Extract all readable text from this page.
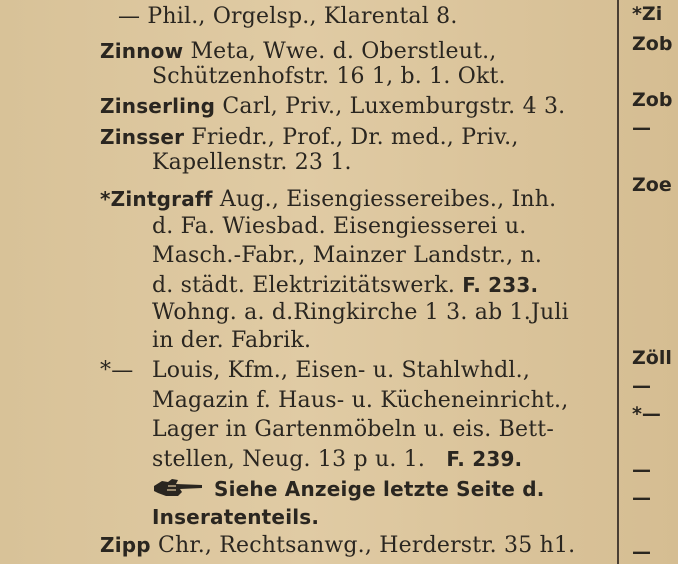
— Phil., Orgelsp., Klarental 8.
Zinnow Meta, Wwe. d. Oberstleut.,
Schützenhofstr. 16 1, b. 1. Okt.
Zinserling Carl, Priv., Luxemburgstr. 4 3.
Zinsser Friedr., Prof., Dr. med., Priv.,
Kapellenstr. 23 1.
*Zintgraff Aug., Eisengiessereibes., Inh.
d. Fa. Wiesbad. Eisengiesserei u.
Masch.-Fabr., Mainzer Landstr., n.
d. städt. Elektrizitätswerk. F. 233.
Wohng. a. d.Ringkirche 1 3. ab 1.Juli
in der. Fabrik.
*— Louis, Kfm., Eisen- u. Stahlwhdl.,
Magazin f. Haus- u. Kücheneinricht.,
Lager in Gartenmöbeln u. eis. Bett-
stellen, Neug. 13 p u. 1. F. 239.
Siehe Anzeige letzte Seite d.
Inseratenteils.
Zipp Chr., Rechtsanwg., Herderstr. 35 h1.
*Zi
Zob
Zob
—
Zoe
Zöll
—
*—
—
—
—
